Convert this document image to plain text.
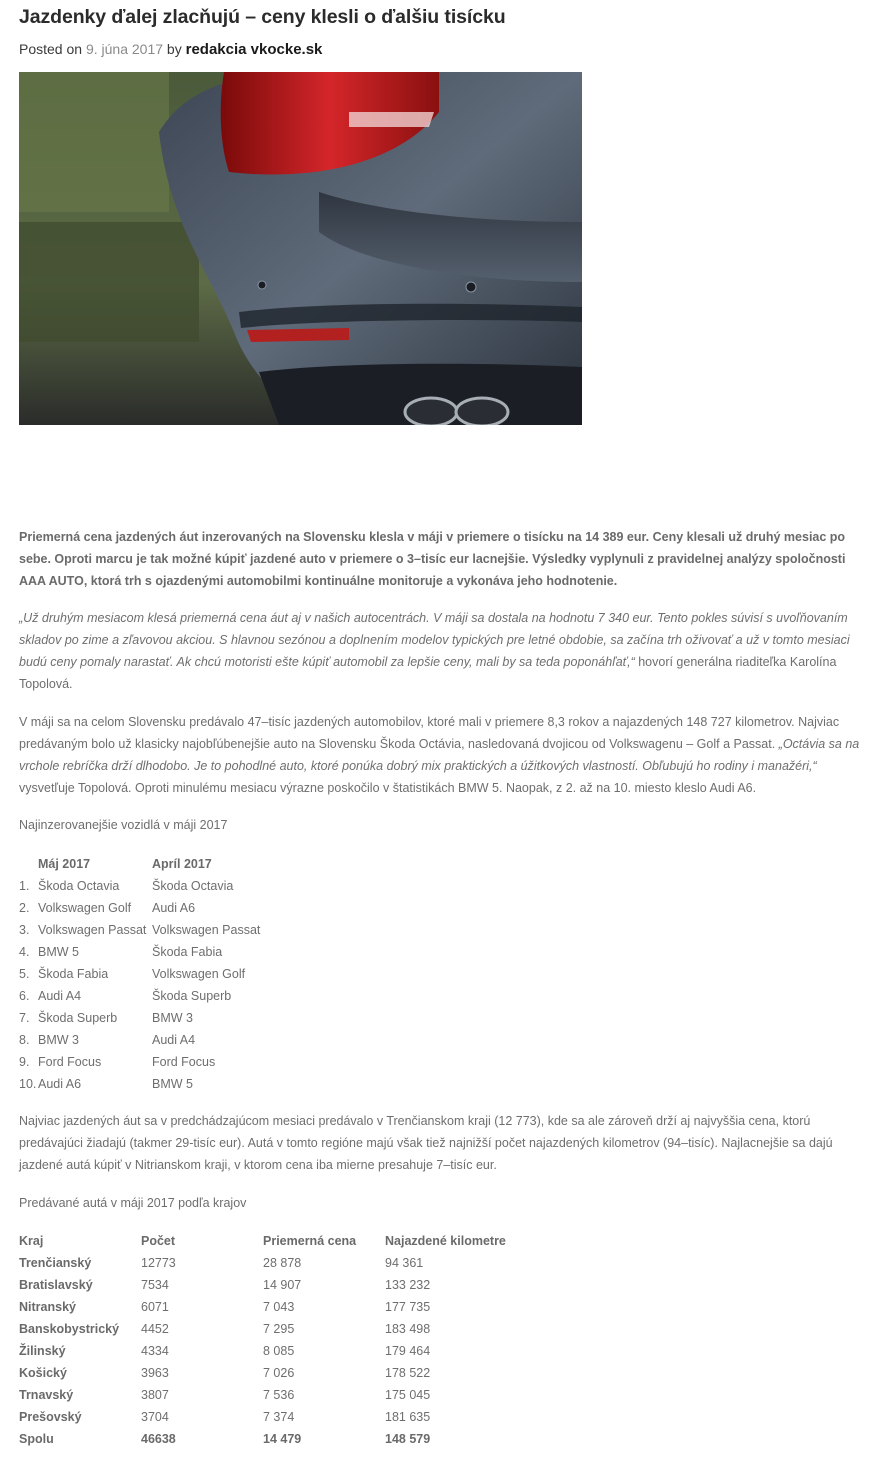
Jazdenky ďalej zlacňujú – ceny klesli o ďalšiu tisícku
Posted on 9. júna 2017 by redakcia vkocke.sk
Priemerná cena jazdených áut inzerovaných na Slovensku klesla v máji v priemere o tisícku na 14 389 eur. Ceny klesali už druhý mesiac po sebe. Oproti marcu je tak možné kúpiť jazdené auto v priemere o 3–tisíc eur lacnejšie. Výsledky vyplynuli z pravidelnej analýzy spoločnosti AAA AUTO, ktorá trh s ojazdenými automobilmi kontinuálne monitoruje a vykonáva jeho hodnotenie.
„Už druhým mesiacom klesá priemerná cena áut aj v našich autocentrách. V máji sa dostala na hodnotu 7 340 eur. Tento pokles súvisí s uvoľňovaním skladov po zime a zľavovou akciou. S hlavnou sezónou a doplnením modelov typických pre letné obdobie, sa začína trh oživovať a už v tomto mesiaci budú ceny pomaly narastať. Ak chcú motoristi ešte kúpiť automobil za lepšie ceny, mali by sa teda poponáhľať,“ hovorí generálna riaditeľka Karolína Topolová.
V máji sa na celom Slovensku predávalo 47–tisíc jazdených automobilov, ktoré mali v priemere 8,3 rokov a najazdených 148 727 kilometrov. Najviac predávaným bolo už klasicky najobľúbenejšie auto na Slovensku Škoda Octávia, nasledovaná dvojicou od Volkswagenu – Golf a Passat. „Octávia sa na vrchole rebríčka drží dlhodobo. Je to pohodlné auto, ktoré ponúka dobrý mix praktických a úžitkových vlastností. Obľubujú ho rodiny i manažéri,“ vysvetľuje Topolová. Oproti minulému mesiacu výrazne poskočilo v štatistikách BMW 5. Naopak, z 2. až na 10. miesto kleslo Audi A6.
Najinzerovanejšie vozidlá v máji 2017
	Máj 2017	Apríl 2017
1.	Škoda Octavia	Škoda Octavia
2.	Volkswagen Golf	Audi A6
3.	Volkswagen Passat	Volkswagen Passat
4.	BMW 5	Škoda Fabia
5.	Škoda Fabia	Volkswagen Golf
6.	Audi A4	Škoda Superb
7.	Škoda Superb	BMW 3
8.	BMW 3	Audi A4
9.	Ford Focus	Ford Focus
10.	Audi A6	BMW 5
Najviac jazdených áut sa v predchádzajúcom mesiaci predávalo v Trenčianskom kraji (12 773), kde sa ale zároveň drží aj najvyššia cena, ktorú predávajúci žiadajú (takmer 29-tisíc eur). Autá v tomto regióne majú však tiež najnižší počet najazdených kilometrov (94–tisíc). Najlacnejšie sa dajú jazdené autá kúpiť v Nitrianskom kraji, v ktorom cena iba mierne presahuje 7–tisíc eur.
Predávané autá v máji 2017 podľa krajov
Kraj	Počet	Priemerná cena	Najazdené kilometre
Trenčianský	12773	28 878	94 361
Bratislavský	7534	14 907	133 232
Nitranský	6071	7 043	177 735
Banskobystrický	4452	7 295	183 498
Žilinský	4334	8 085	179 464
Košický	3963	7 026	178 522
Trnavský	3807	7 536	175 045
Prešovský	3704	7 374	181 635
Spolu	46638	14 479	148 579
